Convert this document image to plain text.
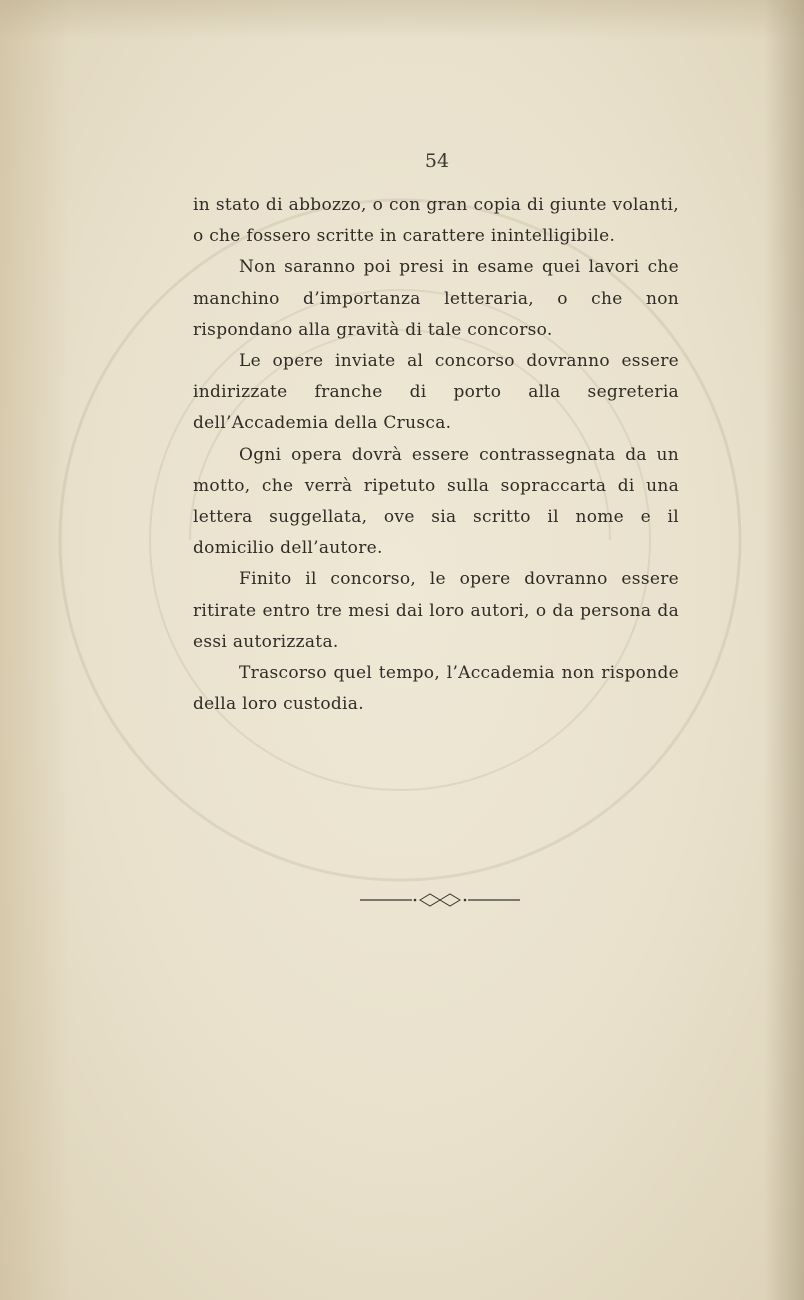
54

in stato di abbozzo, o con gran copia di giunte volanti, o che fossero scritte in carattere inintelligibile.

Non saranno poi presi in esame quei lavori che manchino d’importanza letteraria, o che non rispondano alla gravità di tale concorso.

Le opere inviate al concorso dovranno essere indirizzate franche di porto alla segreteria dell’Accademia della Crusca.

Ogni opera dovrà essere contrassegnata da un motto, che verrà ripetuto sulla sopraccarta di una lettera suggellata, ove sia scritto il nome e il domicilio dell’autore.

Finito il concorso, le opere dovranno essere ritirate entro tre mesi dai loro autori, o da persona da essi autorizzata.

Trascorso quel tempo, l’Accademia non risponde della loro custodia.
